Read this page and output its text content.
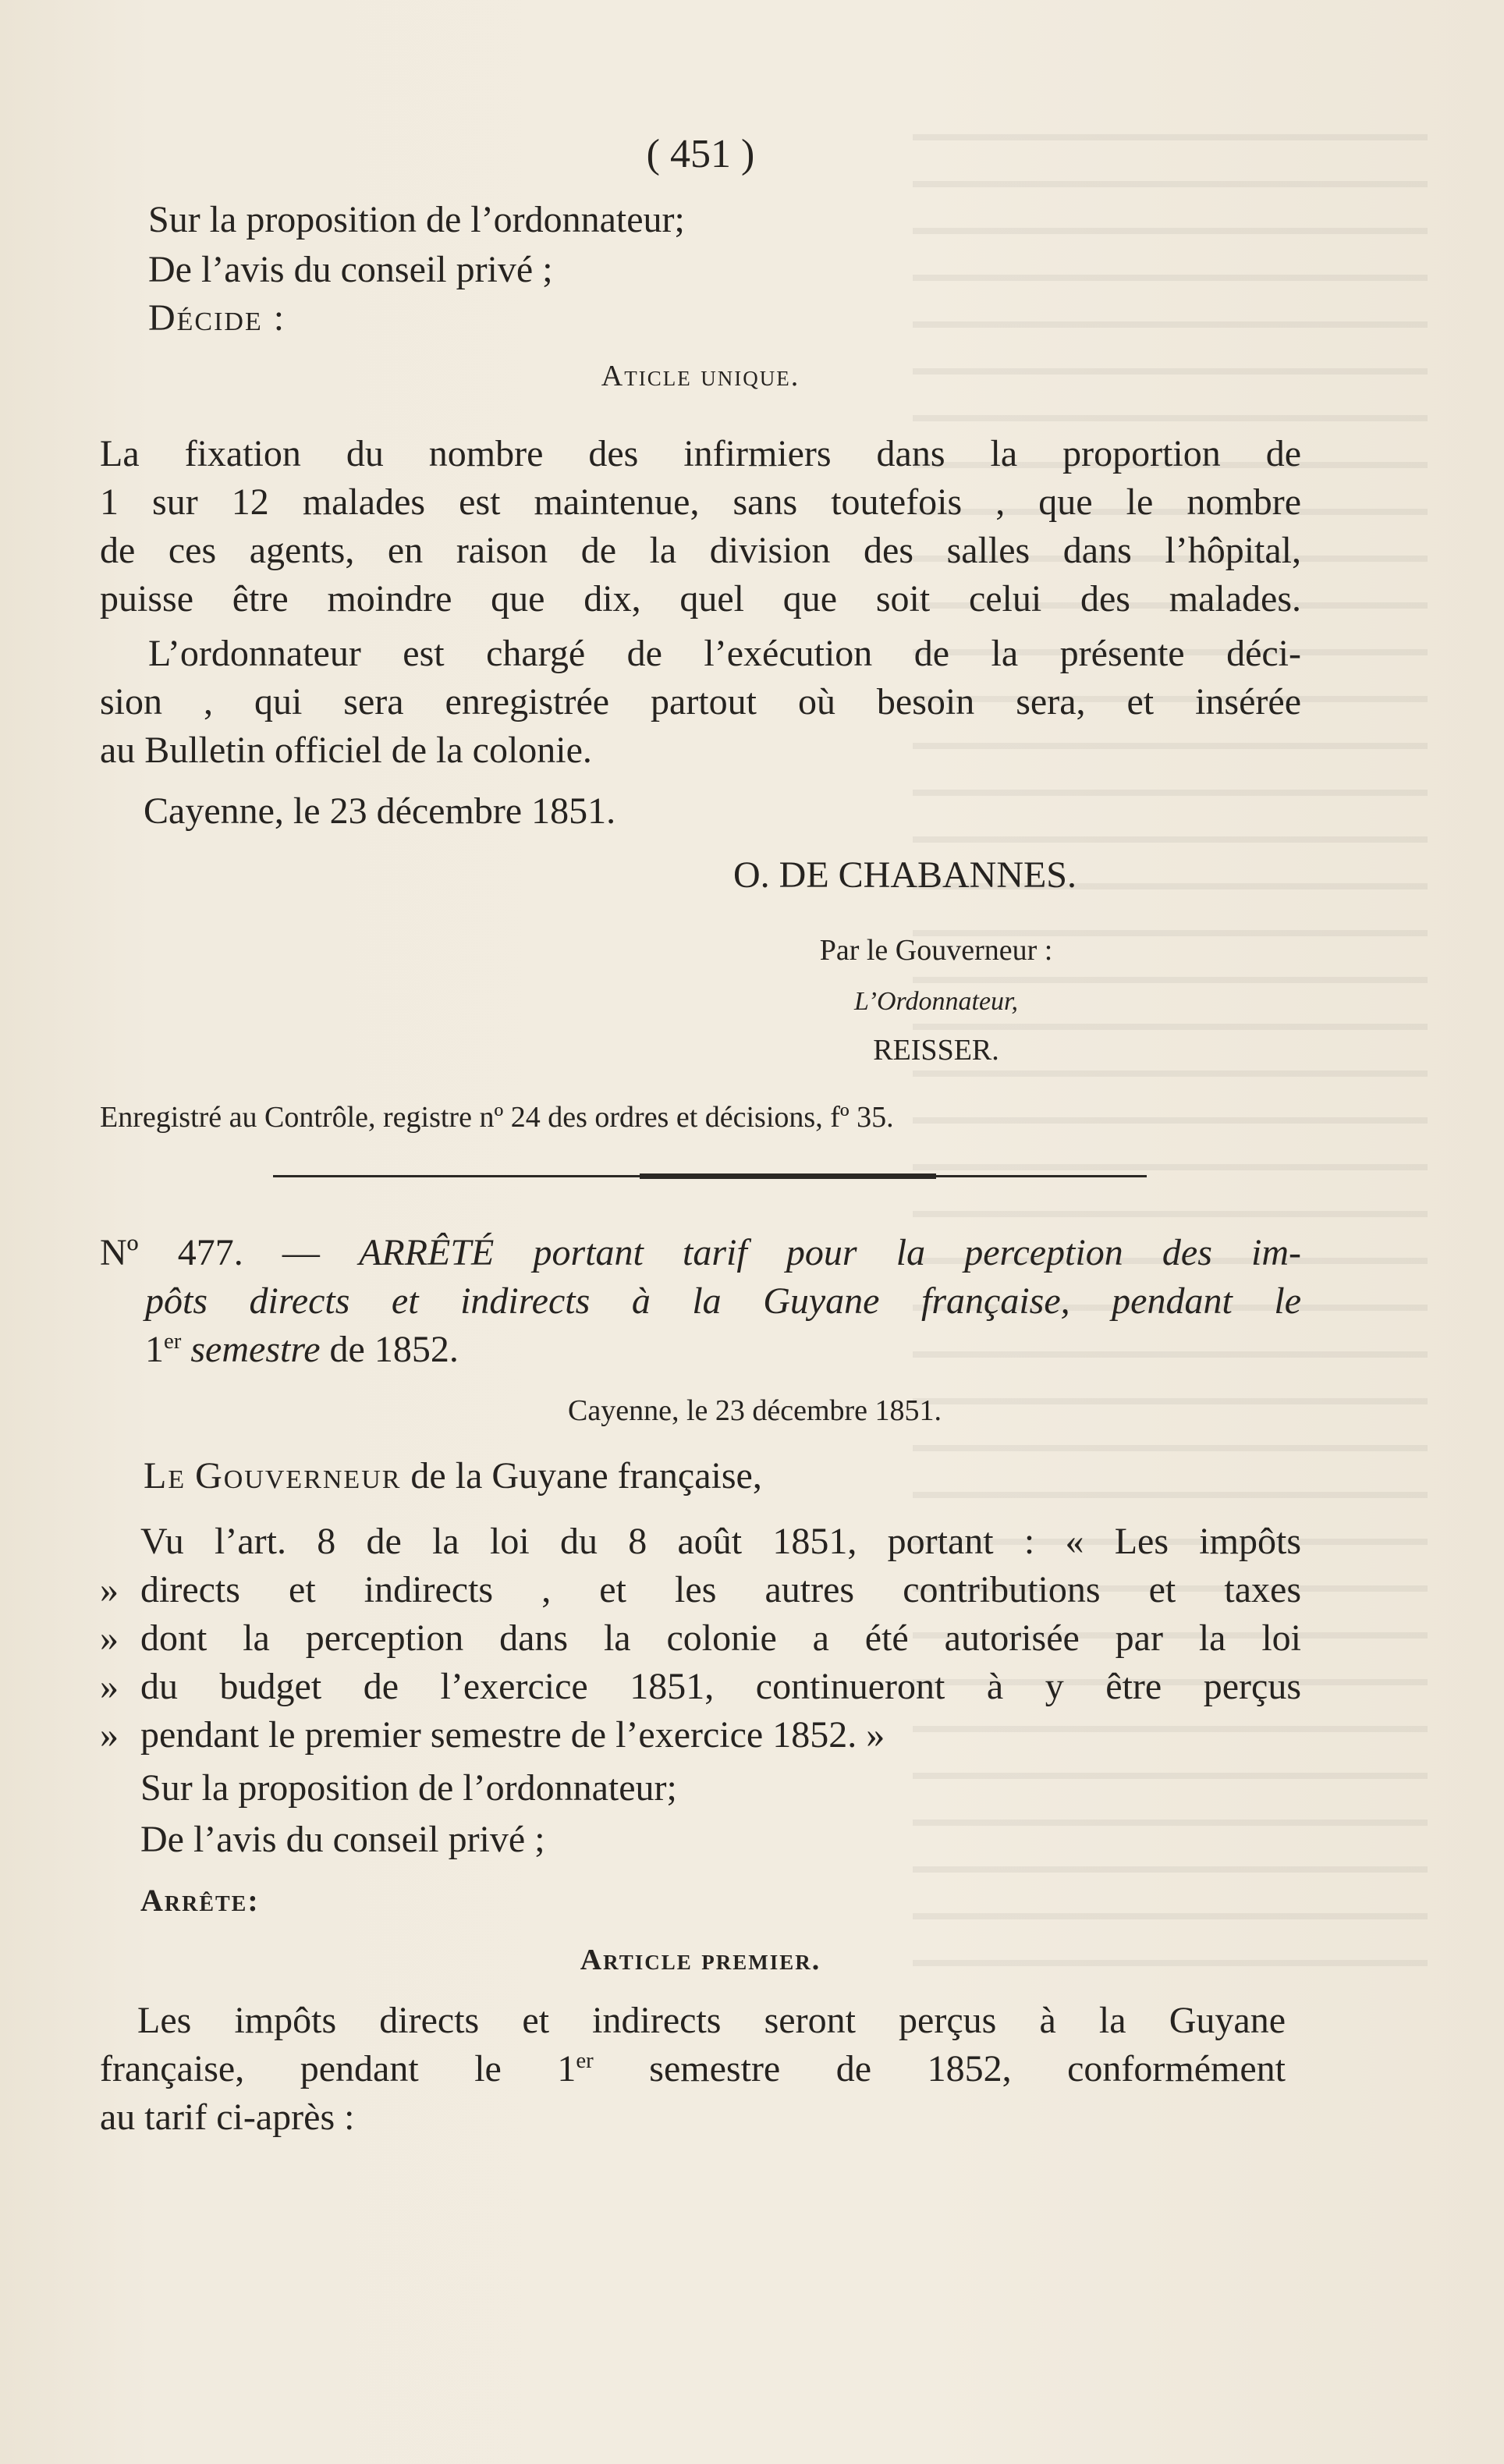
( 451 )
Sur la proposition de l’ordonnateur;
De l’avis du conseil privé ;
Décide :
Aticle unique.
La fixation du nombre des infirmiers dans la proportion de
1 sur 12 malades est maintenue, sans toutefois , que le nombre
de ces agents, en raison de la division des salles dans l’hôpital,
puisse être moindre que dix, quel que soit celui des malades.
L’ordonnateur est chargé de l’exécution de la présente déci-
sion , qui sera enregistrée partout où besoin sera, et insérée
au Bulletin officiel de la colonie.
Cayenne, le 23 décembre 1851.
O. DE CHABANNES.
Par le Gouverneur :
L’Ordonnateur,
REISSER.
Enregistré au Contrôle, registre nº 24 des ordres et décisions, fº 35.
Nº 477. — ARRÊTÉ portant tarif pour la perception des im-
pôts directs et indirects à la Guyane française, pendant le
1er semestre de 1852.
Cayenne, le 23 décembre 1851.
Le Gouverneur de la Guyane française,
Vu l’art. 8 de la loi du 8 août 1851, portant : « Les impôts
» directs et indirects , et les autres contributions et taxes
» dont la perception dans la colonie a été autorisée par la loi
» du budget de l’exercice 1851, continueront à y être perçus
» pendant le premier semestre de l’exercice 1852. »
Sur la proposition de l’ordonnateur;
De l’avis du conseil privé ;
Arrête:
Article premier.
Les impôts directs et indirects seront perçus à la Guyane
française, pendant le 1er semestre de 1852, conformément
au tarif ci-après :
